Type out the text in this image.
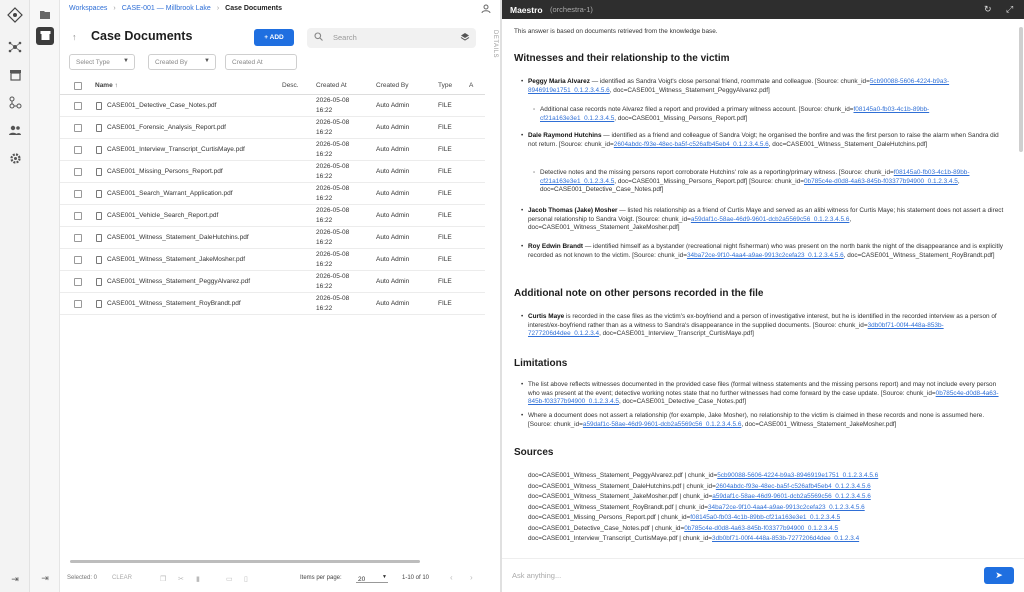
⇥	⇥
Workspaces › CASE-001 — Millbrook Lake › Case Documents
↑ Case Documents	+ ADD	Search	DETAILS
Select Type ▼	Created By	▼	Created At
Name ↑	Desc.	Created At	Created By	Type	A
CASE001_Detective_Case_Notes.pdf
2026-05-08
16:22
Auto Admin	FILE
CASE001_Forensic_Analysis_Report.pdf
2026-05-08
16:22
Auto Admin	FILE
CASE001_Interview_Transcript_CurtisMaye.pdf
2026-05-08
16:22
Auto Admin	FILE
CASE001_Missing_Persons_Report.pdf
2026-05-08
16:22
Auto Admin	FILE
CASE001_Search_Warrant_Application.pdf
2026-05-08
16:22
Auto Admin	FILE
CASE001_Vehicle_Search_Report.pdf
2026-05-08
16:22
Auto Admin	FILE
CASE001_Witness_Statement_DaleHutchins.pdf
2026-05-08
16:22
Auto Admin	FILE
CASE001_Witness_Statement_JakeMosher.pdf
2026-05-08
16:22
Auto Admin	FILE
CASE001_Witness_Statement_PeggyAlvarez.pdf
2026-05-08
16:22
Auto Admin	FILE
CASE001_Witness_Statement_RoyBrandt.pdf
2026-05-08
16:22
Auto Admin	FILE
Selected: 0 CLEAR	❐ ✂	▮	▭ ▯	Items per page:	20	▼	1-10 of 10	‹ ›
Maestro (orchestra-1)	↻ ⤢
This answer is based on documents retrieved from the knowledge base.
Witnesses and their relationship to the victim
• Peggy Maria Alvarez — identified as Sandra Voigt's close personal friend, roommate and colleague. [Source: chunk_id=5cb90088-5606-4224-b9a3-8946919e1751_0.1.2.3.4.5.6, doc=CASE001_Witness_Statement_PeggyAlvarez.pdf]
◦ Additional case records note Alvarez filed a report and provided a primary witness account. [Source: chunk_id=f08145a0-fb03-4c1b-89bb-cf21a163e3e1_0.1.2.3.4.5, doc=CASE001_Missing_Persons_Report.pdf]
• Dale Raymond Hutchins — identified as a friend and colleague of Sandra Voigt; he organised the bonfire and was the first person to raise the alarm when Sandra did not return. [Source: chunk_id=2604abdc-f93e-48ec-ba5f-c526afb45eb4_0.1.2.3.4.5.6, doc=CASE001_Witness_Statement_DaleHutchins.pdf]
◦ Detective notes and the missing persons report corroborate Hutchins' role as a reporting/primary witness. [Source: chunk_id=f08145a0-fb03-4c1b-89bb-cf21a163e3e1_0.1.2.3.4.5, doc=CASE001_Missing_Persons_Report.pdf] [Source: chunk_id=0b785c4e-d0d8-4a63-845b-f03377b94900_0.1.2.3.4.5, doc=CASE001_Detective_Case_Notes.pdf]
• Jacob Thomas (Jake) Mosher — listed his relationship as a friend of Curtis Maye and served as an alibi witness for Curtis Maye; his statement does not assert a direct personal relationship to Sandra Voigt. [Source: chunk_id=a59daf1c-58ae-46d9-9601-dcb2a5569c56_0.1.2.3.4.5.6, doc=CASE001_Witness_Statement_JakeMosher.pdf]
• Roy Edwin Brandt — identified himself as a bystander (recreational night fisherman) who was present on the north bank the night of the disappearance and is explicitly recorded as not known to the victim. [Source: chunk_id=34ba72ce-9f10-4aa4-a9ae-9913c2cefa23_0.1.2.3.4.5.6, doc=CASE001_Witness_Statement_RoyBrandt.pdf]
Additional note on other persons recorded in the file
• Curtis Maye is recorded in the case files as the victim's ex-boyfriend and a person of investigative interest, but he is identified in the recorded interview as a person of interest/ex-boyfriend rather than as a witness to Sandra's disappearance in the supplied documents. [Source: chunk_id=3db0bf71-00f4-448a-853b-7277206d4dee_0.1.2.3.4, doc=CASE001_Interview_Transcript_CurtisMaye.pdf]
Limitations
• The list above reflects witnesses documented in the provided case files (formal witness statements and the missing persons report) and may not include every person who was present at the event; detective working notes state that no further witnesses had come forward by the case update. [Source: chunk_id=0b785c4e-d0d8-4a63-845b-f03377b94900_0.1.2.3.4.5, doc=CASE001_Detective_Case_Notes.pdf]
• Where a document does not assert a relationship (for example, Jake Mosher), no relationship to the victim is claimed in these records and none is assumed here. [Source: chunk_id=a59daf1c-58ae-46d9-9601-dcb2a5569c56_0.1.2.3.4.5.6, doc=CASE001_Witness_Statement_JakeMosher.pdf]
Sources
doc=CASE001_Witness_Statement_PeggyAlvarez.pdf | chunk_id=5cb90088-5606-4224-b9a3-8946919e1751_0.1.2.3.4.5.6
doc=CASE001_Witness_Statement_DaleHutchins.pdf | chunk_id=2604abdc-f93e-48ec-ba5f-c526afb45eb4_0.1.2.3.4.5.6
doc=CASE001_Witness_Statement_JakeMosher.pdf | chunk_id=a59daf1c-58ae-46d9-9601-dcb2a5569c56_0.1.2.3.4.5.6
doc=CASE001_Witness_Statement_RoyBrandt.pdf | chunk_id=34ba72ce-9f10-4aa4-a9ae-9913c2cefa23_0.1.2.3.4.5.6
doc=CASE001_Missing_Persons_Report.pdf | chunk_id=f08145a0-fb03-4c1b-89bb-cf21a163e3e1_0.1.2.3.4.5
doc=CASE001_Detective_Case_Notes.pdf | chunk_id=0b785c4e-d0d8-4a63-845b-f03377b94900_0.1.2.3.4.5
doc=CASE001_Interview_Transcript_CurtisMaye.pdf | chunk_id=3db0bf71-00f4-448a-853b-7277206d4dee_0.1.2.3.4
Ask anything...	➤
